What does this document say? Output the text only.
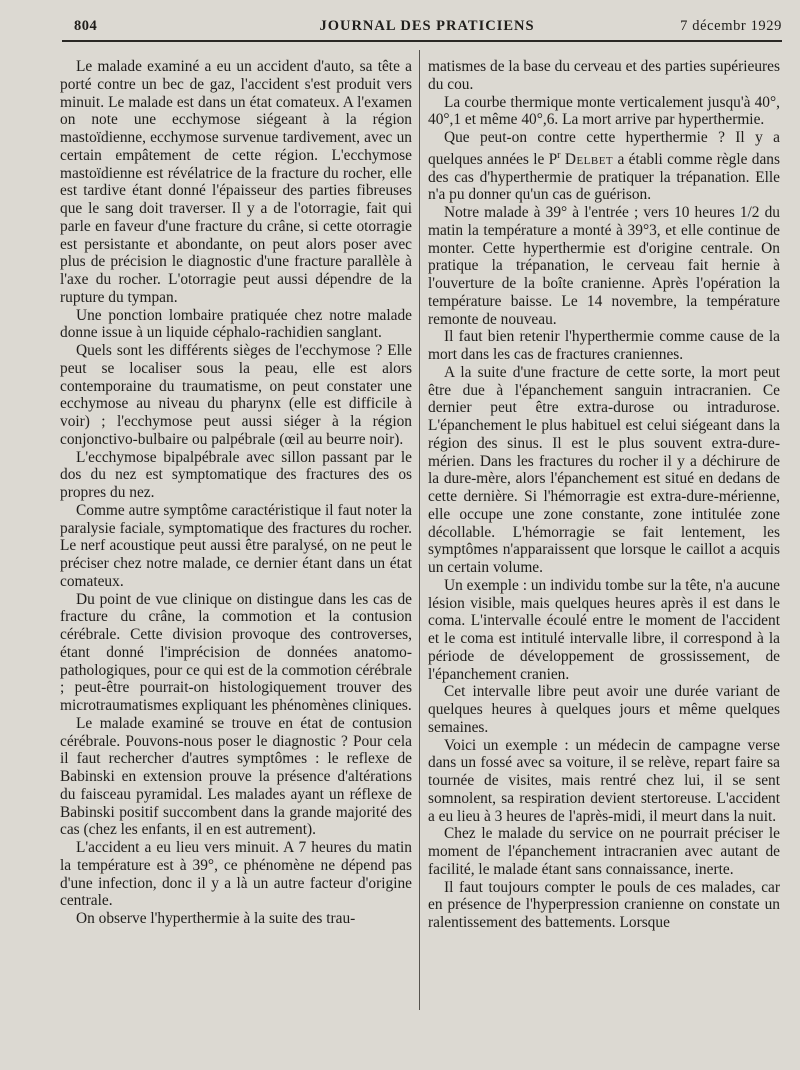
804	JOURNAL DES PRATICIENS	7 décembr 1929

Le malade examiné a eu un accident d'auto, sa tête a porté contre un bec de gaz, l'accident s'est produit vers minuit. Le malade est dans un état comateux. A l'examen on note une ecchymose siégeant à la région mastoïdienne, ecchymose survenue tardivement, avec un certain empâtement de cette région. L'ecchymose mastoïdienne est révélatrice de la fracture du rocher, elle est tardive étant donné l'épaisseur des parties fibreuses que le sang doit traverser. Il y a de l'otorragie, fait qui parle en faveur d'une fracture du crâne, si cette otorragie est persistante et abondante, on peut alors poser avec plus de précision le diagnostic d'une fracture parallèle à l'axe du rocher. L'otorragie peut aussi dépendre de la rupture du tympan.

Une ponction lombaire pratiquée chez notre malade donne issue à un liquide céphalo-rachidien sanglant.

Quels sont les différents sièges de l'ecchymose ? Elle peut se localiser sous la peau, elle est alors contemporaine du traumatisme, on peut constater une ecchymose au niveau du pharynx (elle est difficile à voir) ; l'ecchymose peut aussi siéger à la région conjonctivo-bulbaire ou palpébrale (œil au beurre noir).

L'ecchymose bipalpébrale avec sillon passant par le dos du nez est symptomatique des fractures des os propres du nez.

Comme autre symptôme caractéristique il faut noter la paralysie faciale, symptomatique des fractures du rocher. Le nerf acoustique peut aussi être paralysé, on ne peut le préciser chez notre malade, ce dernier étant dans un état comateux.

Du point de vue clinique on distingue dans les cas de fracture du crâne, la commotion et la contusion cérébrale. Cette division provoque des controverses, étant donné l'imprécision de données anatomo-pathologiques, pour ce qui est de la commotion cérébrale ; peut-être pourrait-on histologiquement trouver des microtraumatismes expliquant les phénomènes cliniques.

Le malade examiné se trouve en état de contusion cérébrale. Pouvons-nous poser le diagnostic ? Pour cela il faut rechercher d'autres symptômes : le reflexe de Babinski en extension prouve la présence d'altérations du faisceau pyramidal. Les malades ayant un réflexe de Babinski positif succombent dans la grande majorité des cas (chez les enfants, il en est autrement).

L'accident a eu lieu vers minuit. A 7 heures du matin la température est à 39°, ce phénomène ne dépend pas d'une infection, donc il y a là un autre facteur d'origine centrale.

On observe l'hyperthermie à la suite des trau-

matismes de la base du cerveau et des parties supérieures du cou.

La courbe thermique monte verticalement jusqu'à 40°, 40°,1 et même 40°,6. La mort arrive par hyperthermie.

Que peut-on contre cette hyperthermie ? Il y a quelques années le $P^r$ Delbet a établi comme règle dans des cas d'hyperthermie de pratiquer la trépanation. Elle n'a pu donner qu'un cas de guérison.

Notre malade à 39° à l'entrée ; vers 10 heures 1/2 du matin la température a monté à 39°3, et elle continue de monter. Cette hyperthermie est d'origine centrale. On pratique la trépanation, le cerveau fait hernie à l'ouverture de la boîte cranienne. Après l'opération la température baisse. Le 14 novembre, la température remonte de nouveau.

Il faut bien retenir l'hyperthermie comme cause de la mort dans les cas de fractures craniennes.

A la suite d'une fracture de cette sorte, la mort peut être due à l'épanchement sanguin intracranien. Ce dernier peut être extra-durose ou intradurose. L'épanchement le plus habituel est celui siégeant dans la région des sinus. Il est le plus souvent extra-dure-mérien. Dans les fractures du rocher il y a déchirure de la dure-mère, alors l'épanchement est situé en dedans de cette dernière. Si l'hémorragie est extra-dure-mérienne, elle occupe une zone constante, zone intitulée zone décollable. L'hémorragie se fait lentement, les symptômes n'apparaissent que lorsque le caillot a acquis un certain volume.

Un exemple : un individu tombe sur la tête, n'a aucune lésion visible, mais quelques heures après il est dans le coma. L'intervalle écoulé entre le moment de l'accident et le coma est intitulé intervalle libre, il correspond à la période de développement de grossissement, de l'épanchement cranien.

Cet intervalle libre peut avoir une durée variant de quelques heures à quelques jours et même quelques semaines.

Voici un exemple : un médecin de campagne verse dans un fossé avec sa voiture, il se relève, repart faire sa tournée de visites, mais rentré chez lui, il se sent somnolent, sa respiration devient stertoreuse. L'accident a eu lieu à 3 heures de l'après-midi, il meurt dans la nuit.

Chez le malade du service on ne pourrait préciser le moment de l'épanchement intracranien avec autant de facilité, le malade étant sans connaissance, inerte.

Il faut toujours compter le pouls de ces malades, car en présence de l'hyperpression cranienne on constate un ralentissement des battements. Lorsque
